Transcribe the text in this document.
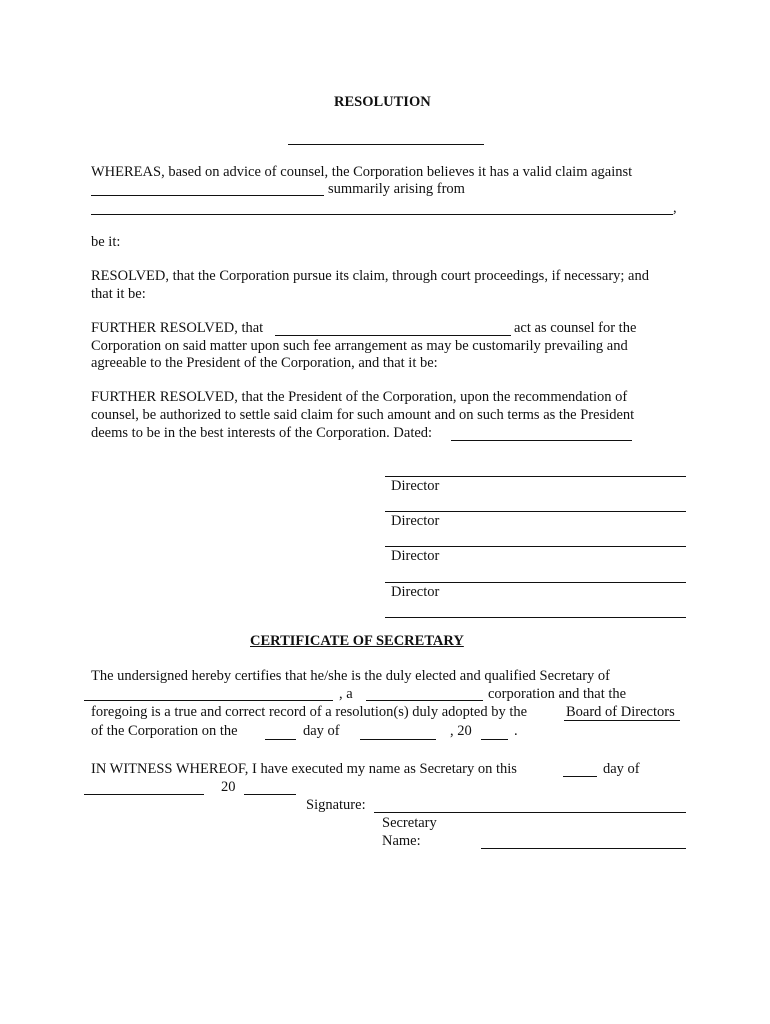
RESOLUTION
WHEREAS, based on advice of counsel, the Corporation believes it has a valid claim against
summarily arising from
,
be it:
RESOLVED, that the Corporation pursue its claim, through court proceedings, if necessary; and
that it be:
FURTHER RESOLVED, that	act as counsel for the
Corporation on said matter upon such fee arrangement as may be customarily prevailing and
agreeable to the President of the Corporation, and that it be:
FURTHER RESOLVED, that the President of the Corporation, upon the recommendation of
counsel, be authorized to settle said claim for such amount and on such terms as the President
deems to be in the best interests of the Corporation. Dated:
Director
Director
Director
Director
CERTIFICATE OF SECRETARY
The undersigned hereby certifies that he/she is the duly elected and qualified Secretary of
, a	corporation and that the
foregoing is a true and correct record of a resolution(s) duly adopted by the	Board of Directors
of the Corporation on the	day of	, 20	.
IN WITNESS WHEREOF, I have executed my name as Secretary on this	day of
20
Signature:
Secretary
Name:
